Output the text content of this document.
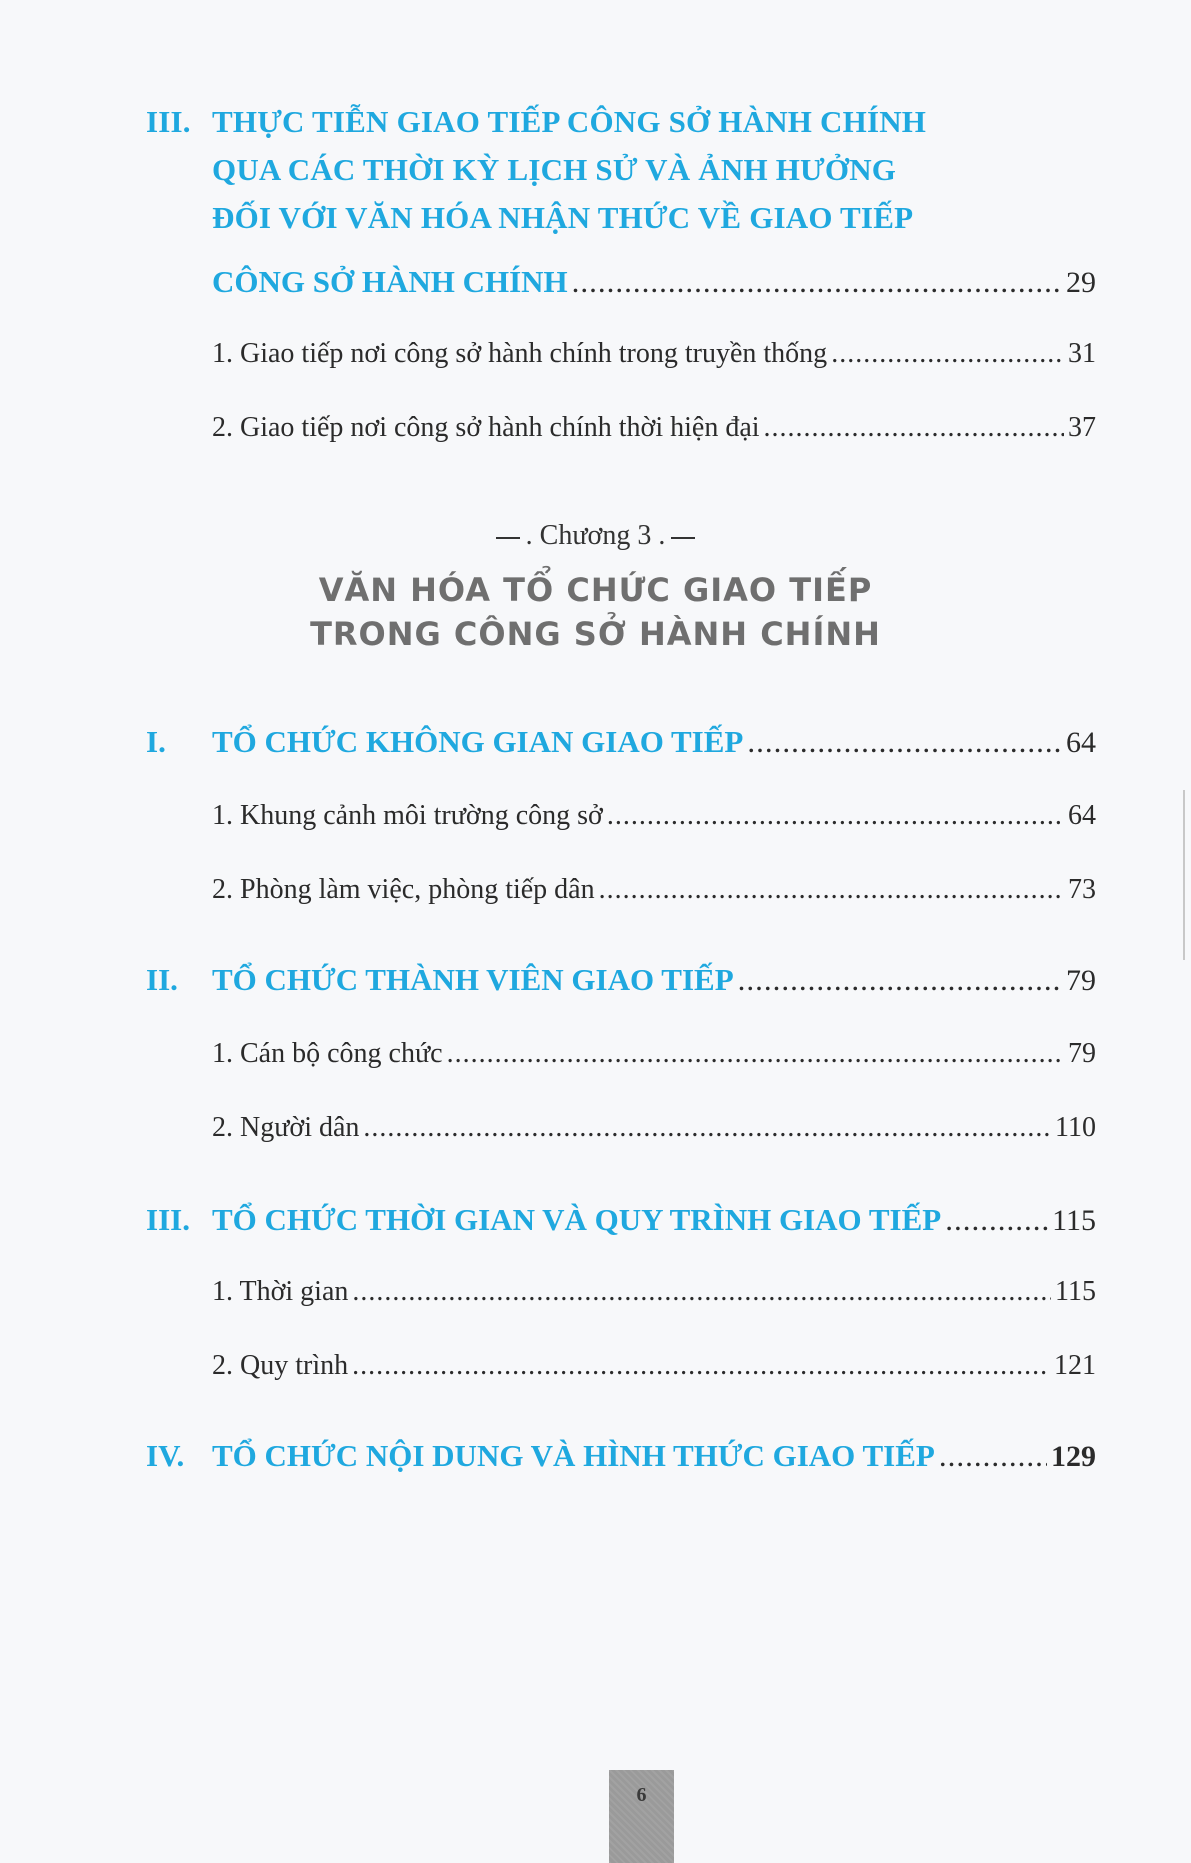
III. THỰC TIỄN GIAO TIẾP CÔNG SỞ HÀNH CHÍNH
QUA CÁC THỜI KỲ LỊCH SỬ VÀ ẢNH HƯỞNG
ĐỐI VỚI VĂN HÓA NHẬN THỨC VỀ GIAO TIẾP
CÔNG SỞ HÀNH CHÍNH .....	29
1. Giao tiếp nơi công sở hành chính trong truyền thống .....	31
2. Giao tiếp nơi công sở hành chính thời hiện đại .....	37
. Chương 3 .
VĂN HÓA TỔ CHỨC GIAO TIẾP
TRONG CÔNG SỞ HÀNH CHÍNH
I. TỔ CHỨC KHÔNG GIAN GIAO TIẾP .....	64
1. Khung cảnh môi trường công sở .....	64
2. Phòng làm việc, phòng tiếp dân .....	73
II. TỔ CHỨC THÀNH VIÊN GIAO TIẾP .....	79
1. Cán bộ công chức .....	79
2. Người dân .....	110
III. TỔ CHỨC THỜI GIAN VÀ QUY TRÌNH GIAO TIẾP .....	115
1. Thời gian .....	115
2. Quy trình .....	121
IV. TỔ CHỨC NỘI DUNG VÀ HÌNH THỨC GIAO TIẾP .....	129
6
